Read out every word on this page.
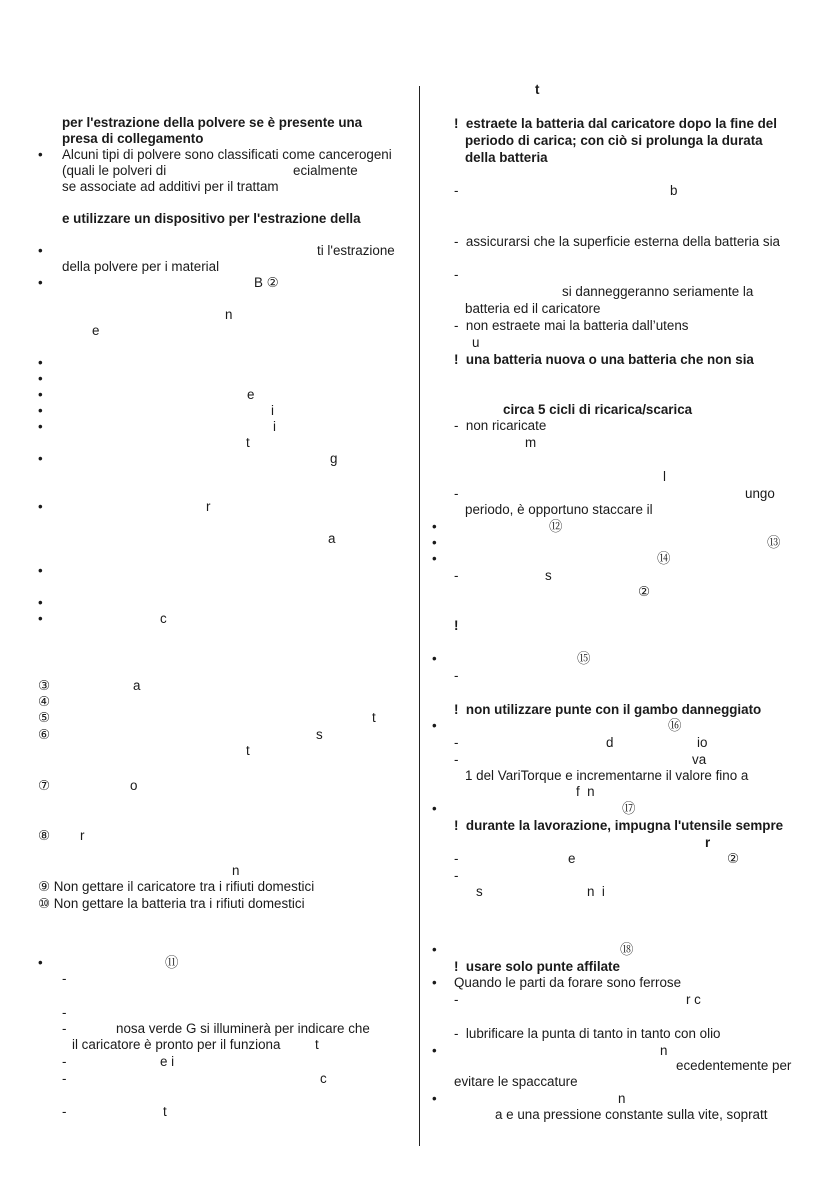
per l'estrazione della polvere se è presente una
presa di collegamento
• Alcuni tipi di polvere sono classificati come cancerogeni
(quali le polveri di	ecialmente
se associate ad additivi per il trattam
e utilizzare un dispositivo per l'estrazione della
•	ti l'estrazione
della polvere per i material
•	B ②
n
e
•
•
•	e
•	i
•	i
t
•	g
•	r
a
•
•
•	c
③	a
④
⑤	t
⑥	s
t
⑦	o
⑧ r
n
⑨ Non gettare il caricatore tra i rifiuti domestici
⑩ Non gettare la batteria tra i rifiuti domestici
•	⑪
-
-
-	nosa verde G si illuminerà per indicare che
il caricatore è pronto per il funziona	t
-	e i
-	c
-	t
t
!  estraete la batteria dal caricatore dopo la fine del
periodo di carica; con ciò si prolunga la durata
della batteria
-	b
-  assicurarsi che la superficie esterna della batteria sia
-
si danneggeranno seriamente la
batteria ed il caricatore
-  non estraete mai la batteria dall’utens
u
!  una batteria nuova o una batteria che non sia
circa 5 cicli di ricarica/scarica
-  non ricaricate
m
l
-	ungo
periodo, è opportuno staccare il
•	⑫
•	⑬
•	⑭
-	s
②
!
•	⑮
-
!  non utilizzare punte con il gambo danneggiato
•	⑯
-	d	io
-	va
1 del VariTorque e incrementarne il valore fino a
f  n
•	⑰
!  durante la lavorazione, impugna l'utensile sempre
r
-	e	②
-
s	n  i
•	⑱
!  usare solo punte affilate
• Quando le parti da forare sono ferrose
-	r c
-  lubrificare la punta di tanto in tanto con olio
•	n
ecedentemente per
evitare le spaccature
•	n
a e una pressione constante sulla vite, sopratt
